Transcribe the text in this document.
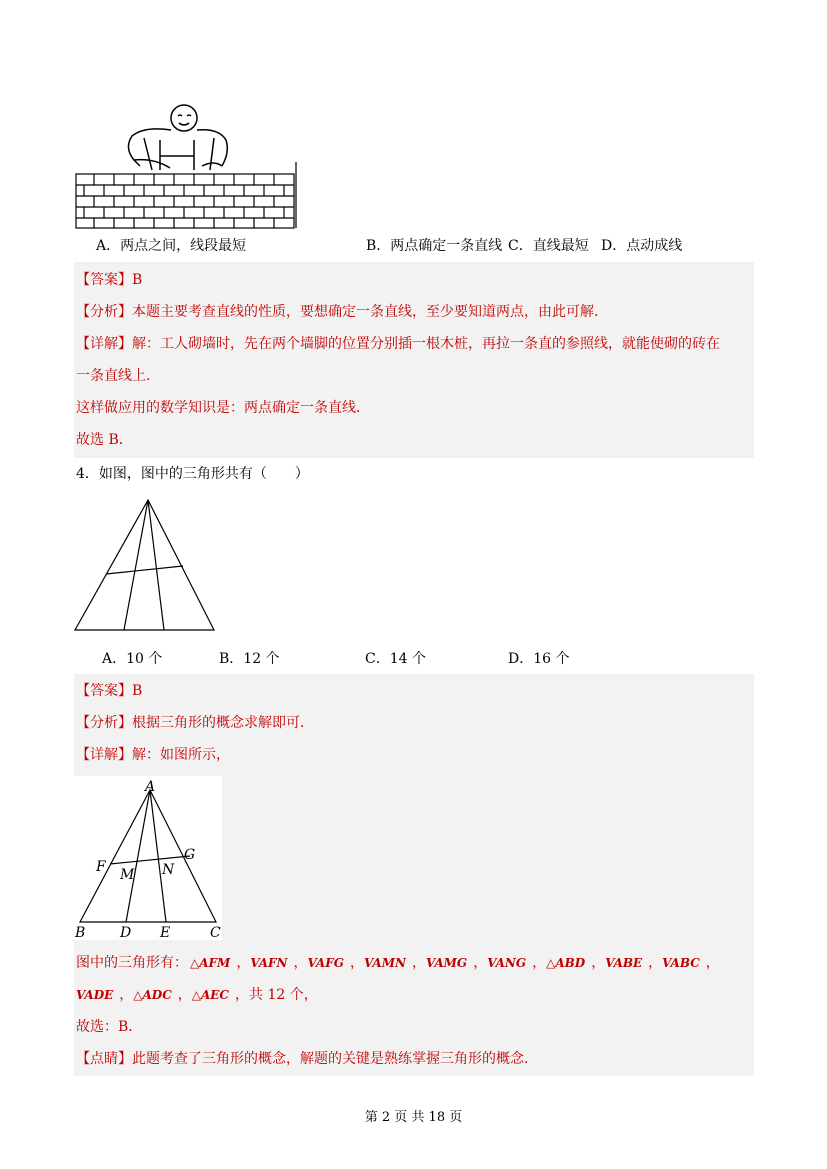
A．两点之间，线段最短	B．两点确定一条直线 C．直线最短 D．点动成线
【答案】B
【分析】本题主要考查直线的性质，要想确定一条直线，至少要知道两点，由此可解．
【详解】解：工人砌墙时，先在两个墙脚的位置分别插一根木桩，再拉一条直的参照线，就能使砌的砖在
一条直线上．
这样做应用的数学知识是：两点确定一条直线．
故选 B．
4．如图，图中的三角形共有（　　）
A．10 个	B．12 个	C．14 个	D．16 个
【答案】B
【分析】根据三角形的概念求解即可．
【详解】解：如图所示，
A
F
G
M N
B D E	C
图中的三角形有： △AFM ，VAFN ，VAFG ，VAMN ，VAMG ，VANG ，△ABD ，VABE ，VABC ，
VADE ，△ADC ，△AEC ，共 12 个，
故选：B．
【点睛】此题考查了三角形的概念，解题的关键是熟练掌握三角形的概念．
第 2 页 共 18 页
